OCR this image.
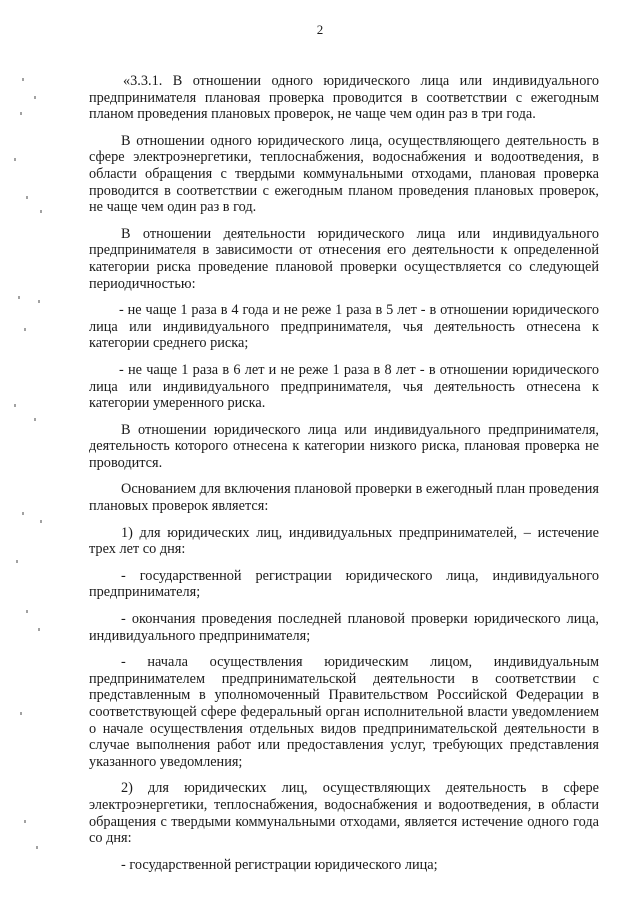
2

«3.3.1. В отношении одного юридического лица или индивидуального предпринимателя плановая проверка проводится в соответствии с ежегодным планом проведения плановых проверок, не чаще чем один раз в три года.

В отношении одного юридического лица, осуществляющего деятельность в сфере электроэнергетики, теплоснабжения, водоснабжения и водоотведения, в области обращения с твердыми коммунальными отходами, плановая проверка проводится в соответствии с ежегодным планом проведения плановых проверок, не чаще чем один раз в год.

В отношении деятельности юридического лица или индивидуального предпринимателя в зависимости от отнесения его деятельности к определенной категории риска проведение плановой проверки осуществляется со следующей периодичностью:

- не чаще 1 раза в 4 года и не реже 1 раза в 5 лет - в отношении юридического лица или индивидуального предпринимателя, чья деятельность отнесена к категории среднего риска;

- не чаще 1 раза в 6 лет и не реже 1 раза в 8 лет - в отношении юридического лица или индивидуального предпринимателя, чья деятельность отнесена к категории умеренного риска.

В отношении юридического лица или индивидуального предпринимателя, деятельность которого отнесена к категории низкого риска, плановая проверка не проводится.

Основанием для включения плановой проверки в ежегодный план проведения плановых проверок является:

1) для юридических лиц, индивидуальных предпринимателей, – истечение трех лет со дня:

- государственной регистрации юридического лица, индивидуального предпринимателя;

- окончания проведения последней плановой проверки юридического лица, индивидуального предпринимателя;

- начала осуществления юридическим лицом, индивидуальным предпринимателем предпринимательской деятельности в соответствии с представленным в уполномоченный Правительством Российской Федерации в соответствующей сфере федеральный орган исполнительной власти уведомлением о начале осуществления отдельных видов предпринимательской деятельности в случае выполнения работ или предоставления услуг, требующих представления указанного уведомления;

2) для юридических лиц, осуществляющих деятельность в сфере электроэнергетики, теплоснабжения, водоснабжения и водоотведения, в области обращения с твердыми коммунальными отходами, является истечение одного года со дня:

- государственной регистрации юридического лица;
